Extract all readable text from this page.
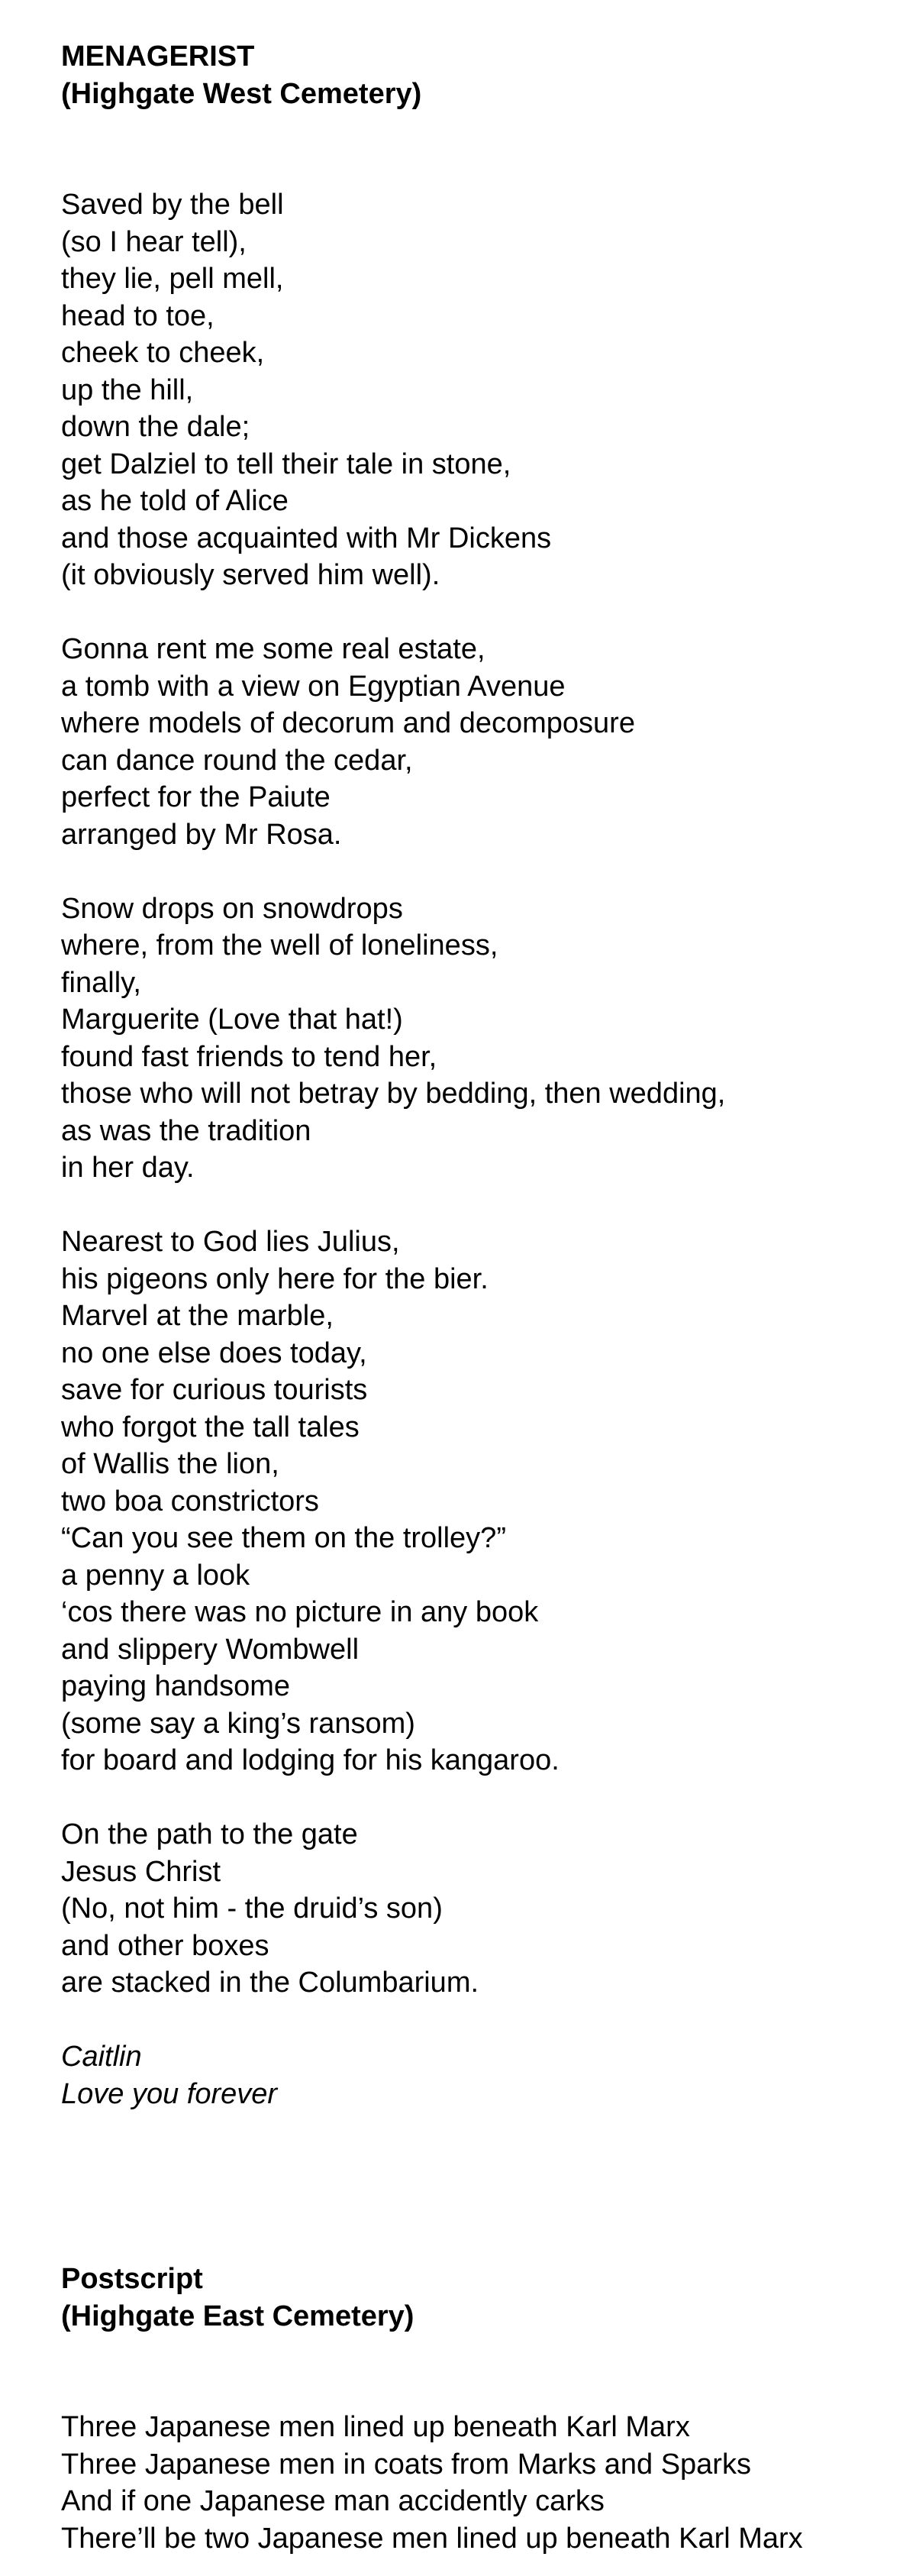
MENAGERIST
(Highgate West Cemetery)
Saved by the bell
(so I hear tell),
they lie, pell mell,
head to toe,
cheek to cheek,
up the hill,
down the dale;
get Dalziel to tell their tale in stone,
as he told of Alice
and those acquainted with Mr Dickens
(it obviously served him well).
Gonna rent me some real estate,
a tomb with a view on Egyptian Avenue
where models of decorum and decomposure
can dance round the cedar,
perfect for the Paiute
arranged by Mr Rosa.
Snow drops on snowdrops
where, from the well of loneliness,
finally,
Marguerite (Love that hat!)
found fast friends to tend her,
those who will not betray by bedding, then wedding,
as was the tradition
in her day.
Nearest to God lies Julius,
his pigeons only here for the bier.
Marvel at the marble,
no one else does today,
save for curious tourists
who forgot the tall tales
of Wallis the lion,
two boa constrictors
“Can you see them on the trolley?”
a penny a look
‘cos there was no picture in any book
and slippery Wombwell
paying handsome
(some say a king’s ransom)
for board and lodging for his kangaroo.
On the path to the gate
Jesus Christ
(No, not him - the druid’s son)
and other boxes
are stacked in the Columbarium.
Caitlin
Love you forever
Postscript
(Highgate East Cemetery)
Three Japanese men lined up beneath Karl Marx
Three Japanese men in coats from Marks and Sparks
And if one Japanese man accidently carks
There’ll be two Japanese men lined up beneath Karl Marx
